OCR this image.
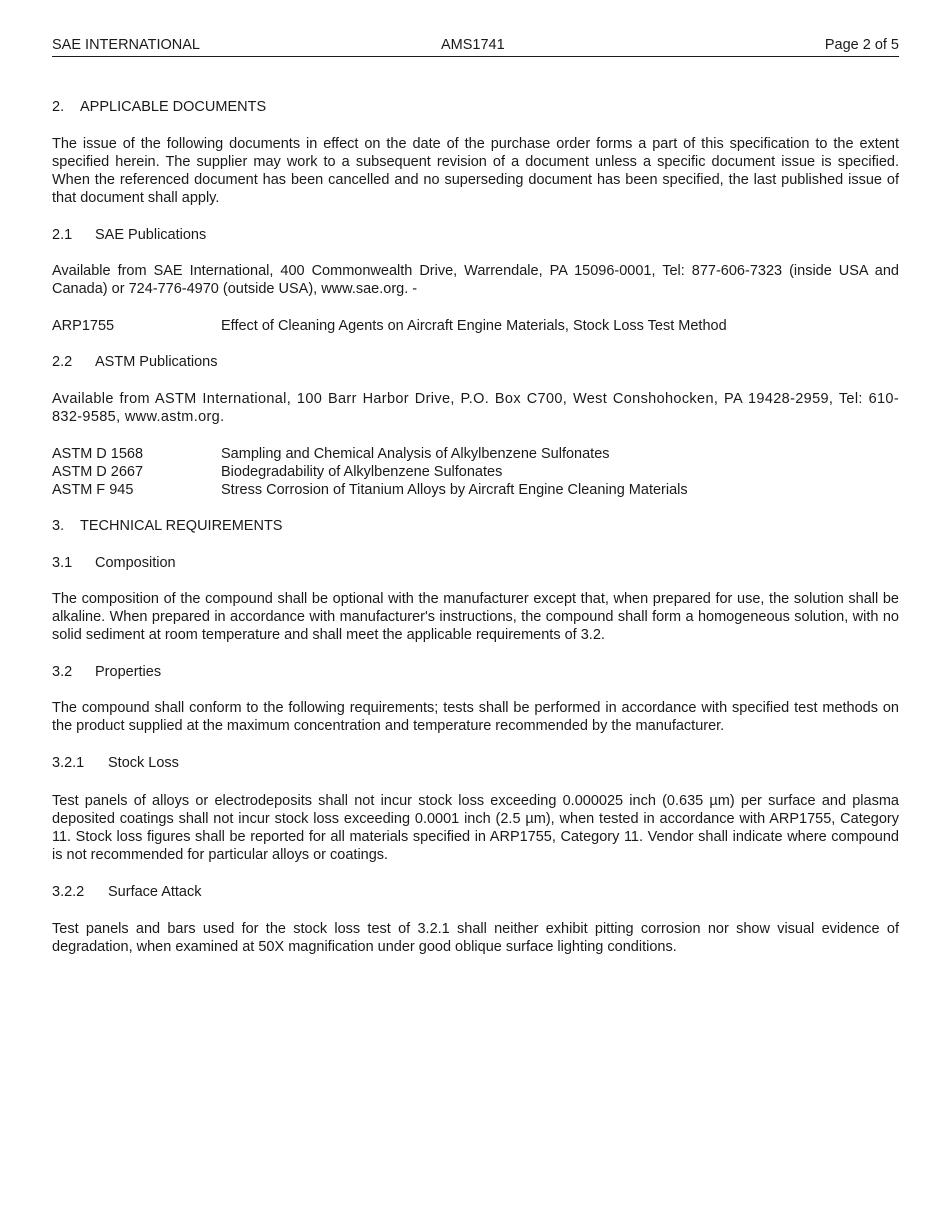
SAE INTERNATIONAL	AMS1741	Page 2 of 5
2. APPLICABLE DOCUMENTS

The issue of the following documents in effect on the date of the purchase order forms a part of this specification to the extent specified herein. The supplier may work to a subsequent revision of a document unless a specific document issue is specified. When the referenced document has been cancelled and no superseding document has been specified, the last published issue of that document shall apply.

2.1 SAE Publications

Available from SAE International, 400 Commonwealth Drive, Warrendale, PA 15096-0001, Tel: 877-606-7323 (inside USA and Canada) or 724-776-4970 (outside USA), www.sae.org. -

ARP1755	Effect of Cleaning Agents on Aircraft Engine Materials, Stock Loss Test Method
2.2 ASTM Publications

Available from ASTM International, 100 Barr Harbor Drive, P.O. Box C700, West Conshohocken, PA 19428-2959, Tel: 610-832-9585, www.astm.org.

ASTM D 1568	Sampling and Chemical Analysis of Alkylbenzene Sulfonates
ASTM D 2667	Biodegradability of Alkylbenzene Sulfonates
ASTM F 945	Stress Corrosion of Titanium Alloys by Aircraft Engine Cleaning Materials
3. TECHNICAL REQUIREMENTS
3.1 Composition

The composition of the compound shall be optional with the manufacturer except that, when prepared for use, the solution shall be alkaline. When prepared in accordance with manufacturer's instructions, the compound shall form a homogeneous solution, with no solid sediment at room temperature and shall meet the applicable requirements of 3.2.

3.2 Properties

The compound shall conform to the following requirements; tests shall be performed in accordance with specified test methods on the product supplied at the maximum concentration and temperature recommended by the manufacturer.

3.2.1 Stock Loss

Test panels of alloys or electrodeposits shall not incur stock loss exceeding 0.000025 inch (0.635 µm) per surface and plasma deposited coatings shall not incur stock loss exceeding 0.0001 inch (2.5 µm), when tested in accordance with ARP1755, Category 11. Stock loss figures shall be reported for all materials specified in ARP1755, Category 11. Vendor shall indicate where compound is not recommended for particular alloys or coatings.

3.2.2 Surface Attack

Test panels and bars used for the stock loss test of 3.2.1 shall neither exhibit pitting corrosion nor show visual evidence of degradation, when examined at 50X magnification under good oblique surface lighting conditions.
